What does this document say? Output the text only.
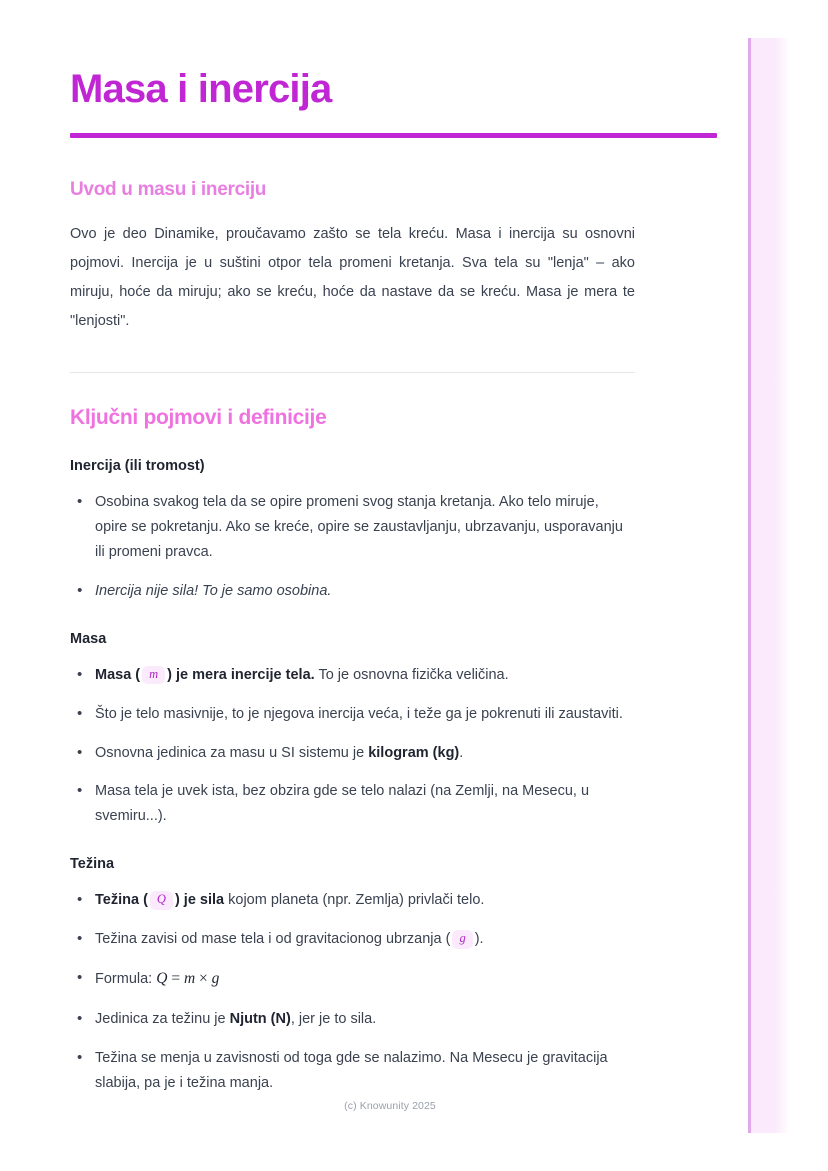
Masa i inercija
Uvod u masu i inerciju

Ovo je deo Dinamike, proučavamo zašto se tela kreću. Masa i inercija su osnovni pojmovi. Inercija je u suštini otpor tela promeni kretanja. Sva tela su "lenja" – ako miruju, hoće da miruju; ako se kreću, hoće da nastave da se kreću. Masa je mera te "lenjosti".

Ključni pojmovi i definicije
Inercija (ili tromost)
• Osobina svakog tela da se opire promeni svog stanja kretanja. Ako telo miruje, opire se pokretanju. Ako se kreće, opire se zaustavljanju, ubrzavanju, usporavanju ili promeni pravca.
• Inercija nije sila! To je samo osobina.
Masa
• Masa ( m ) je mera inercije tela. To je osnovna fizička veličina.
• Što je telo masivnije, to je njegova inercija veća, i teže ga je pokrenuti ili zaustaviti.
• Osnovna jedinica za masu u SI sistemu je kilogram (kg).
• Masa tela je uvek ista, bez obzira gde se telo nalazi (na Zemlji, na Mesecu, u svemiru...).
Težina
• Težina ( Q ) je sila kojom planeta (npr. Zemlja) privlači telo.
• Težina zavisi od mase tela i od gravitacionog ubrzanja ( g ).
• Formula: Q = m × g
• Jedinica za težinu je Njutn (N), jer je to sila.
• Težina se menja u zavisnosti od toga gde se nalazimo. Na Mesecu je gravitacija slabija, pa je i težina manja.
(c) Knowunity 2025
